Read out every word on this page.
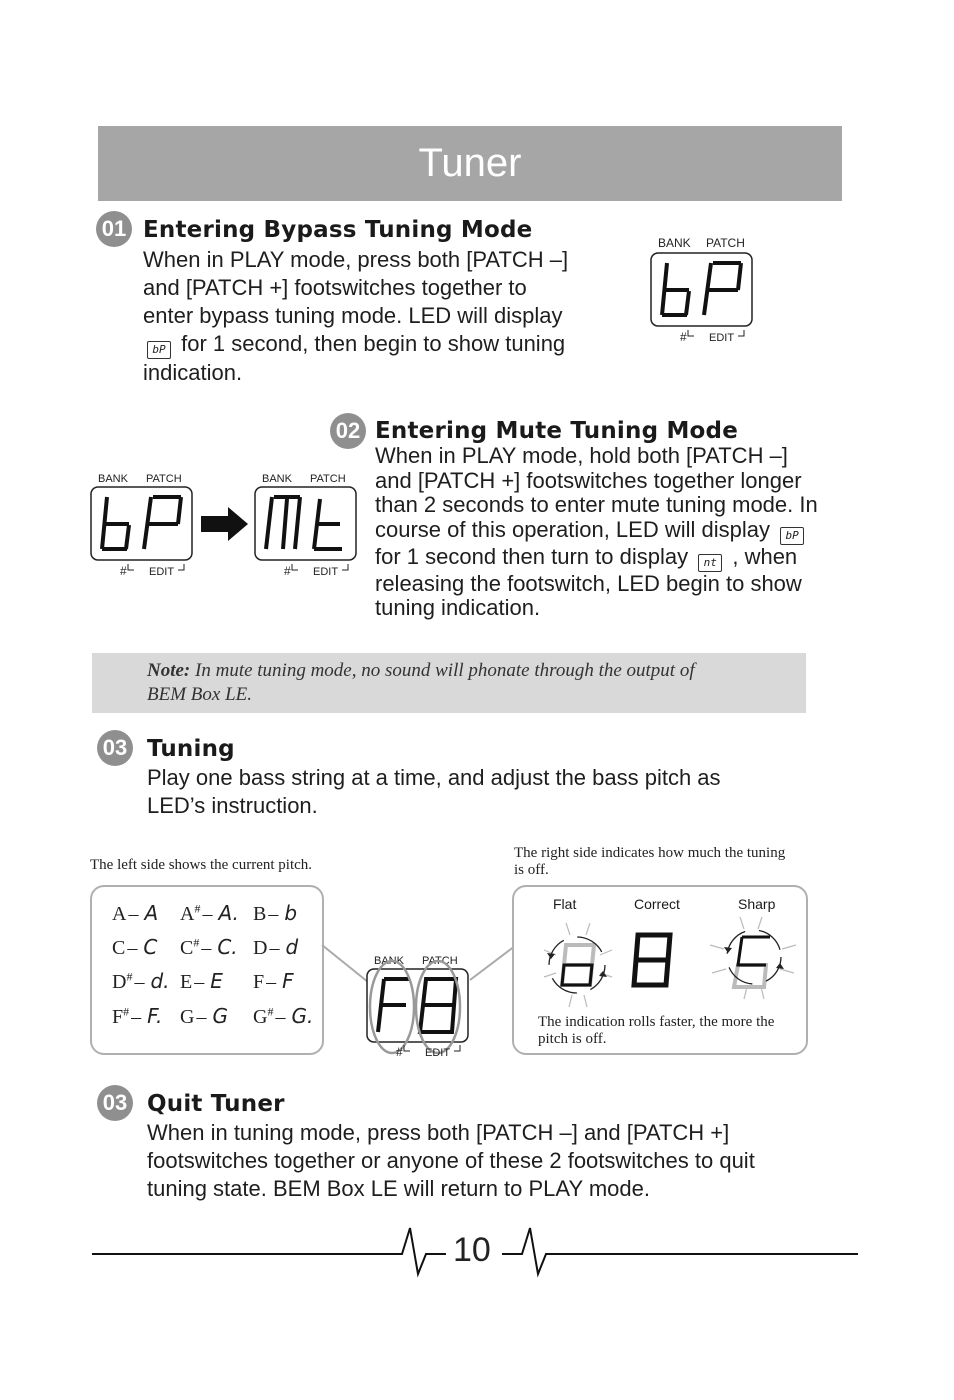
Tuner
01 Entering Bypass Tuning Mode
When in PLAY mode, press both [PATCH –]
and [PATCH +] footswitches together to
enter bypass tuning mode. LED will display
bP for 1 second, then begin to show tuning
indication.
BANK PATCH
# EDIT
02 Entering Mute Tuning Mode
When in PLAY mode, hold both [PATCH –]
and [PATCH +] footswitches together longer
than 2 seconds to enter mute tuning mode. In
course of this operation, LED will display bP
for 1 second then turn to display nt , when
releasing the footswitch, LED begin to show
tuning indication.
BANK PATCH
# EDIT
BANK PATCH
# EDIT
Note: In mute tuning mode, no sound will phonate through the output of
BEM Box LE.
03 Tuning
Play one bass string at a time, and adjust the bass pitch as
LED’s instruction.
The left side shows the current pitch.
The right side indicates how much the tuning
is off.
A – A A# – A. B – b
C – C C# – C. D – d
D# – d. E – E F – F
F# – F. G – G G# – G.
BANK PATCH
# EDIT
Flat	Correct	Sharp
The indication rolls faster, the more the
pitch is off.
03 Quit Tuner
When in tuning mode, press both [PATCH –] and [PATCH +]
footswitches together or anyone of these 2 footswitches to quit
tuning state. BEM Box LE will return to PLAY mode.
10
